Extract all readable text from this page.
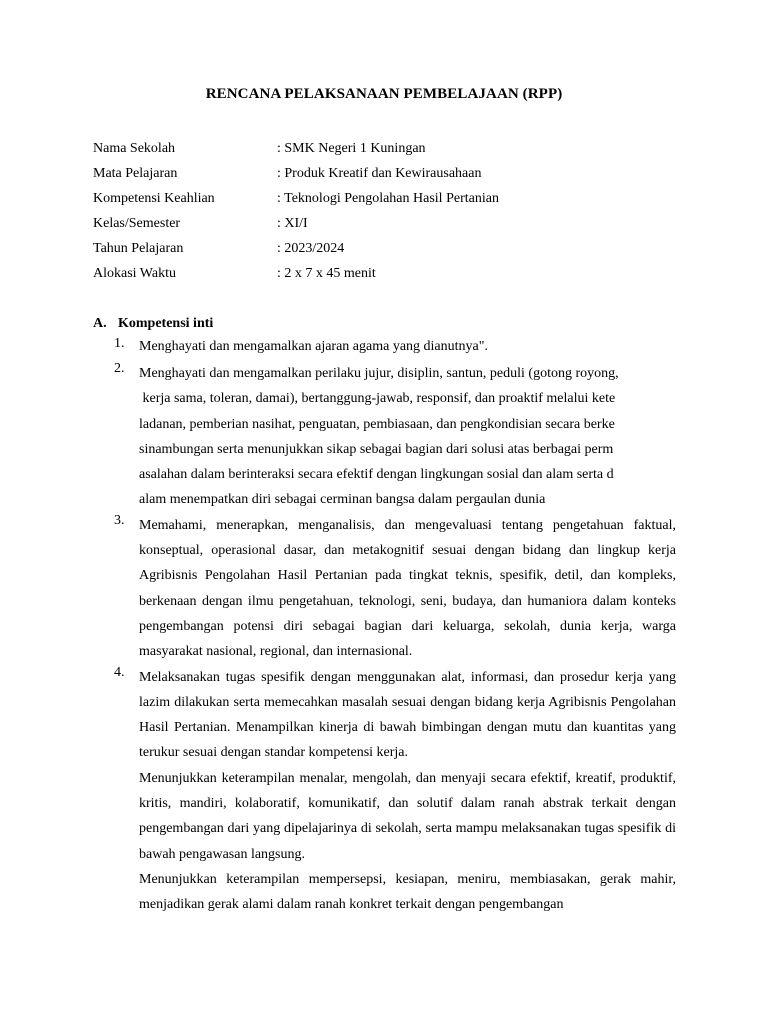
RENCANA PELAKSANAAN PEMBELAJAAN (RPP)
Nama Sekolah	: SMK Negeri 1 Kuningan
Mata Pelajaran	: Produk Kreatif dan Kewirausahaan
Kompetensi Keahlian	: Teknologi Pengolahan Hasil Pertanian
Kelas/Semester	: XI/I
Tahun Pelajaran	: 2023/2024
Alokasi Waktu	: 2 x 7 x 45 menit
A. Kompetensi inti
1. Menghayati dan mengamalkan ajaran agama yang dianutnya".

2. Menghayati dan mengamalkan perilaku jujur, disiplin, santun, peduli (gotong royong,
kerja sama, toleran, damai), bertanggung-jawab, responsif, dan proaktif melalui kete
ladanan, pemberian nasihat, penguatan, pembiasaan, dan pengkondisian secara berke
sinambungan serta menunjukkan sikap sebagai bagian dari solusi atas berbagai perm
asalahan dalam berinteraksi secara efektif dengan lingkungan sosial dan alam serta d
alam menempatkan diri sebagai cerminan bangsa dalam pergaulan dunia

3. Memahami, menerapkan, menganalisis, dan mengevaluasi tentang pengetahuan faktual, konseptual, operasional dasar, dan metakognitif sesuai dengan bidang dan lingkup kerja Agribisnis Pengolahan Hasil Pertanian pada tingkat teknis, spesifik, detil, dan kompleks, berkenaan dengan ilmu pengetahuan, teknologi, seni, budaya, dan humaniora dalam konteks pengembangan potensi diri sebagai bagian dari keluarga, sekolah, dunia kerja, warga masyarakat nasional, regional, dan internasional.

4. Melaksanakan tugas spesifik dengan menggunakan alat, informasi, dan prosedur kerja yang lazim dilakukan serta memecahkan masalah sesuai dengan bidang kerja Agribisnis Pengolahan Hasil Pertanian. Menampilkan kinerja di bawah bimbingan dengan mutu dan kuantitas yang terukur sesuai dengan standar kompetensi kerja.

Menunjukkan keterampilan menalar, mengolah, dan menyaji secara efektif, kreatif, produktif, kritis, mandiri, kolaboratif, komunikatif, dan solutif dalam ranah abstrak terkait dengan pengembangan dari yang dipelajarinya di sekolah, serta mampu melaksanakan tugas spesifik di bawah pengawasan langsung.

Menunjukkan keterampilan mempersepsi, kesiapan, meniru, membiasakan, gerak mahir, menjadikan gerak alami dalam ranah konkret terkait dengan pengembangan
